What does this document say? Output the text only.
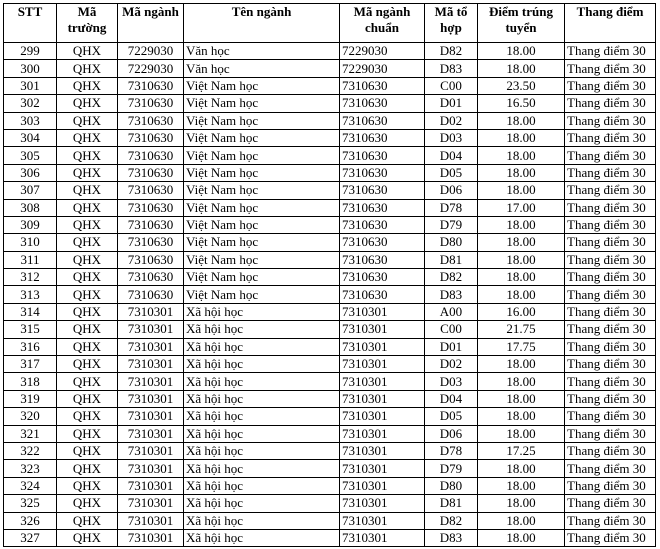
STT	Mã trường	Mã ngành	Tên ngành	Mã ngành chuẩn	Mã tổ hợp	Điểm trúng tuyển	Thang điểm
299	QHX	7229030	Văn học	7229030	D82	18.00	Thang điểm 30
300	QHX	7229030	Văn học	7229030	D83	18.00	Thang điểm 30
301	QHX	7310630	Việt Nam học	7310630	C00	23.50	Thang điểm 30
302	QHX	7310630	Việt Nam học	7310630	D01	16.50	Thang điểm 30
303	QHX	7310630	Việt Nam học	7310630	D02	18.00	Thang điểm 30
304	QHX	7310630	Việt Nam học	7310630	D03	18.00	Thang điểm 30
305	QHX	7310630	Việt Nam học	7310630	D04	18.00	Thang điểm 30
306	QHX	7310630	Việt Nam học	7310630	D05	18.00	Thang điểm 30
307	QHX	7310630	Việt Nam học	7310630	D06	18.00	Thang điểm 30
308	QHX	7310630	Việt Nam học	7310630	D78	17.00	Thang điểm 30
309	QHX	7310630	Việt Nam học	7310630	D79	18.00	Thang điểm 30
310	QHX	7310630	Việt Nam học	7310630	D80	18.00	Thang điểm 30
311	QHX	7310630	Việt Nam học	7310630	D81	18.00	Thang điểm 30
312	QHX	7310630	Việt Nam học	7310630	D82	18.00	Thang điểm 30
313	QHX	7310630	Việt Nam học	7310630	D83	18.00	Thang điểm 30
314	QHX	7310301	Xã hội học	7310301	A00	16.00	Thang điểm 30
315	QHX	7310301	Xã hội học	7310301	C00	21.75	Thang điểm 30
316	QHX	7310301	Xã hội học	7310301	D01	17.75	Thang điểm 30
317	QHX	7310301	Xã hội học	7310301	D02	18.00	Thang điểm 30
318	QHX	7310301	Xã hội học	7310301	D03	18.00	Thang điểm 30
319	QHX	7310301	Xã hội học	7310301	D04	18.00	Thang điểm 30
320	QHX	7310301	Xã hội học	7310301	D05	18.00	Thang điểm 30
321	QHX	7310301	Xã hội học	7310301	D06	18.00	Thang điểm 30
322	QHX	7310301	Xã hội học	7310301	D78	17.25	Thang điểm 30
323	QHX	7310301	Xã hội học	7310301	D79	18.00	Thang điểm 30
324	QHX	7310301	Xã hội học	7310301	D80	18.00	Thang điểm 30
325	QHX	7310301	Xã hội học	7310301	D81	18.00	Thang điểm 30
326	QHX	7310301	Xã hội học	7310301	D82	18.00	Thang điểm 30
327	QHX	7310301	Xã hội học	7310301	D83	18.00	Thang điểm 30
